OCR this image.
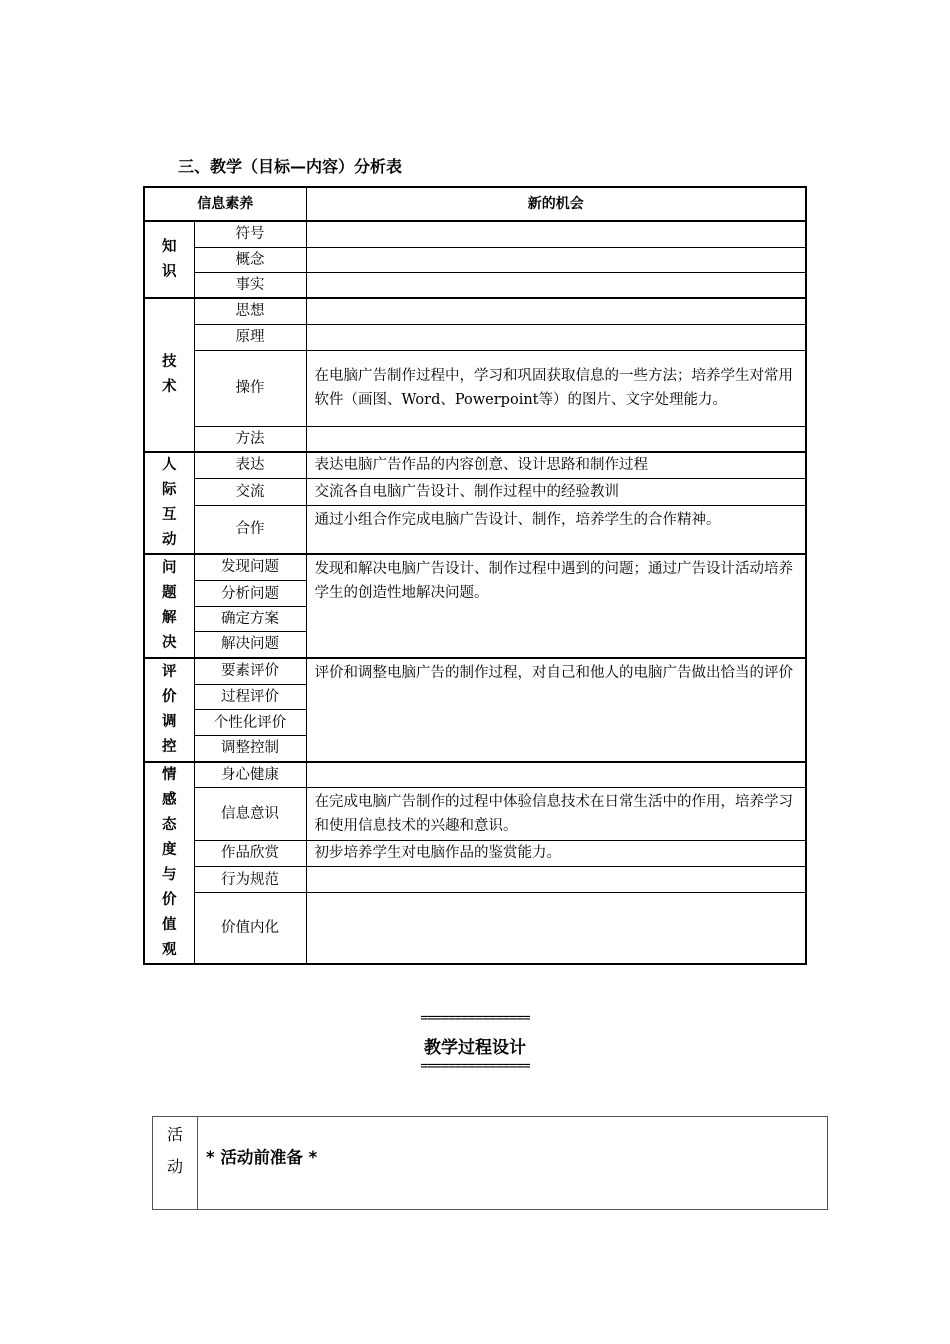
三、教学（目标—内容）分析表
信息素养		新的机会
知识	符号	
	概念	
	事实	
技术	思想	
	原理	
	操作	在电脑广告制作过程中，学习和巩固获取信息的一些方法；培养学生对常用软件（画图、Word、Powerpoint等）的图片、文字处理能力。
	方法	
人际互动	表达	表达电脑广告作品的内容创意、设计思路和制作过程
	交流	交流各自电脑广告设计、制作过程中的经验教训
	合作	通过小组合作完成电脑广告设计、制作，培养学生的合作精神。
问题解决	发现问题	发现和解决电脑广告设计、制作过程中遇到的问题；通过广告设计活动培养学生的创造性地解决问题。
	分析问题	
	确定方案	
	解决问题	
评价调控	要素评价	评价和调整电脑广告的制作过程，对自己和他人的电脑广告做出恰当的评价
	过程评价	
	个性化评价	
	调整控制	
情感态度与价值观	身心健康	
	信息意识	在完成电脑广告制作的过程中体验信息技术在日常生活中的作用，培养学习和使用信息技术的兴趣和意识。
	作品欣赏	初步培养学生对电脑作品的鉴赏能力。
	行为规范	
	价值内化	
================
教学过程设计
================
活动	* 活动前准备 *
